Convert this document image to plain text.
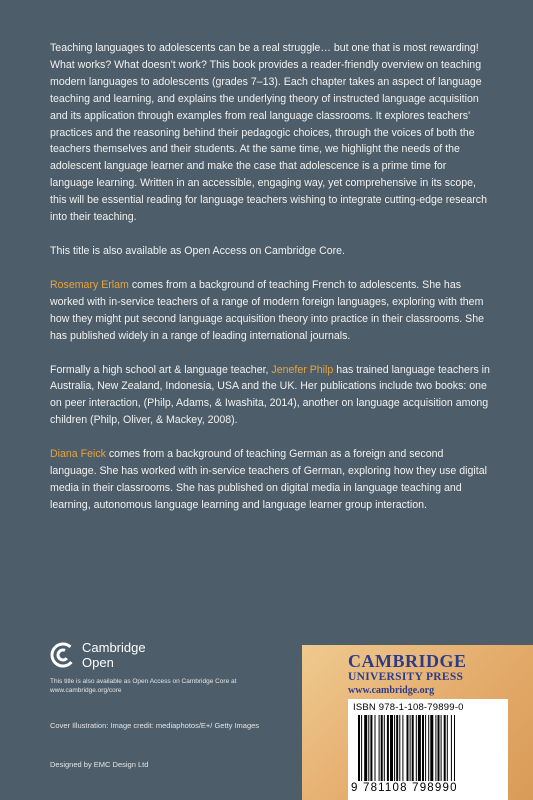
Teaching languages to adolescents can be a real struggle… but one that is most rewarding! What works? What doesn't work? This book provides a reader-friendly overview on teaching modern languages to adolescents (grades 7–13). Each chapter takes an aspect of language teaching and learning, and explains the underlying theory of instructed language acquisition and its application through examples from real language classrooms. It explores teachers' practices and the reasoning behind their pedagogic choices, through the voices of both the teachers themselves and their students. At the same time, we highlight the needs of the adolescent language learner and make the case that adolescence is a prime time for language learning. Written in an accessible, engaging way, yet comprehensive in its scope, this will be essential reading for language teachers wishing to integrate cutting-edge research into their teaching.

This title is also available as Open Access on Cambridge Core.

Rosemary Erlam comes from a background of teaching French to adolescents. She has worked with in-service teachers of a range of modern foreign languages, exploring with them how they might put second language acquisition theory into practice in their classrooms. She has published widely in a range of leading international journals.

Formally a high school art & language teacher, Jenefer Philp has trained language teachers in Australia, New Zealand, Indonesia, USA and the UK. Her publications include two books: one on peer interaction, (Philp, Adams, & Iwashita, 2014), another on language acquisition among children (Philp, Oliver, & Mackey, 2008).

Diana Feick comes from a background of teaching German as a foreign and second language. She has worked with in-service teachers of German, exploring how they use digital media in their classrooms. She has published on digital media in language teaching and learning, autonomous language learning and language learner group interaction.

Cambridge
Open
This title is also available as Open Access on Cambridge Core at www.cambridge.org/core
Cover Illustration: Image credit: mediaphotos/E+/ Getty Images
Designed by EMC Design Ltd
CAMBRIDGE
UNIVERSITY PRESS
www.cambridge.org
ISBN 978-1-108-79899-0
9 781108 798990
